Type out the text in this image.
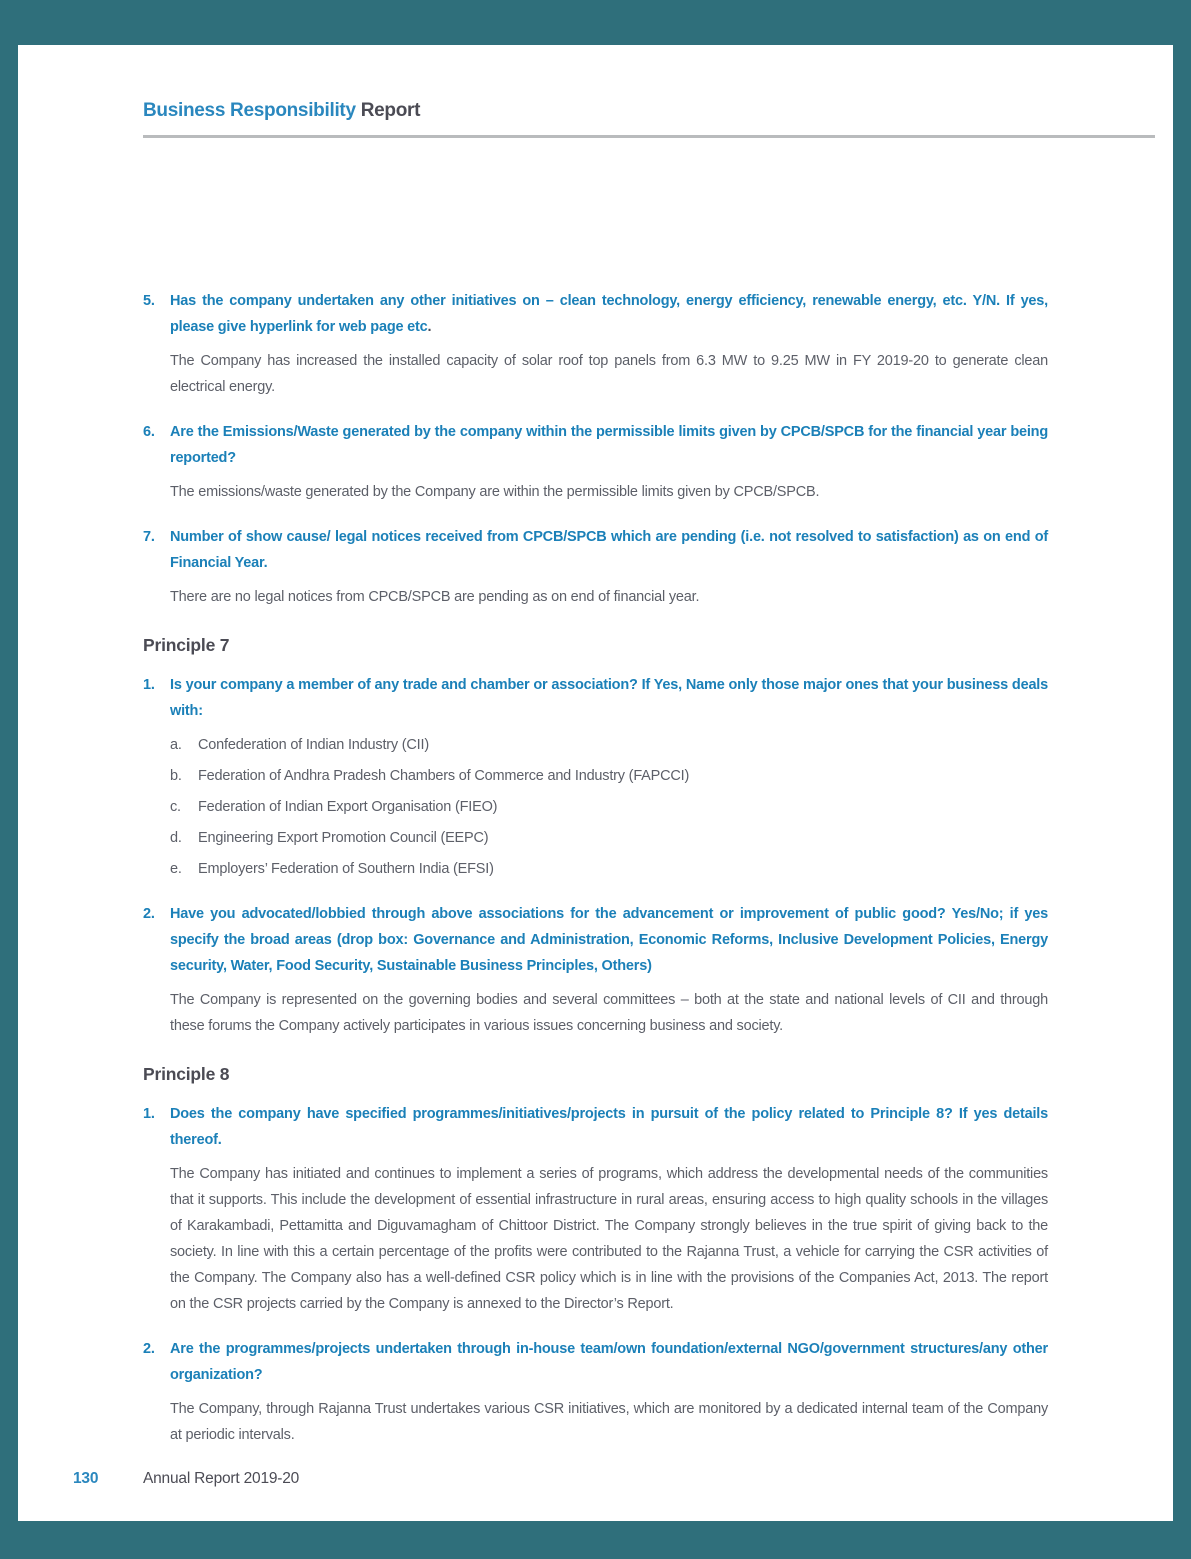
Business Responsibility Report
5.	Has the company undertaken any other initiatives on – clean technology, energy efficiency, renewable energy, etc. Y/N. If yes, please give hyperlink for web page etc.
The Company has increased the installed capacity of solar roof top panels from 6.3 MW to 9.25 MW in FY 2019-20 to generate clean electrical energy.
6.	Are the Emissions/Waste generated by the company within the permissible limits given by CPCB/SPCB for the financial year being reported?
The emissions/waste generated by the Company are within the permissible limits given by CPCB/SPCB.
7.	Number of show cause/ legal notices received from CPCB/SPCB which are pending (i.e. not resolved to satisfaction) as on end of Financial Year.
There are no legal notices from CPCB/SPCB are pending as on end of financial year.
Principle 7
1.	Is your company a member of any trade and chamber or association? If Yes, Name only those major ones that your business deals with:
a.	Confederation of Indian Industry (CII)
b.	Federation of Andhra Pradesh Chambers of Commerce and Industry (FAPCCI)
c.	Federation of Indian Export Organisation (FIEO)
d.	Engineering Export Promotion Council (EEPC)
e.	Employers’ Federation of Southern India (EFSI)
2.	Have you advocated/lobbied through above associations for the advancement or improvement of public good? Yes/No; if yes specify the broad areas (drop box: Governance and Administration, Economic Reforms, Inclusive Development Policies, Energy security, Water, Food Security, Sustainable Business Principles, Others)
The Company is represented on the governing bodies and several committees – both at the state and national levels of CII and through these forums the Company actively participates in various issues concerning business and society.
Principle 8
1.	Does the company have specified programmes/initiatives/projects in pursuit of the policy related to Principle 8? If yes details thereof.
The Company has initiated and continues to implement a series of programs, which address the developmental needs of the communities that it supports. This include the development of essential infrastructure in rural areas, ensuring access to high quality schools in the villages of Karakambadi, Pettamitta and Diguvamagham of Chittoor District. The Company strongly believes in the true spirit of giving back to the society. In line with this a certain percentage of the profits were contributed to the Rajanna Trust, a vehicle for carrying the CSR activities of the Company. The Company also has a well-defined CSR policy which is in line with the provisions of the Companies Act, 2013. The report on the CSR projects carried by the Company is annexed to the Director’s Report.
2.	Are the programmes/projects undertaken through in-house team/own foundation/external NGO/government structures/any other organization?
The Company, through Rajanna Trust undertakes various CSR initiatives, which are monitored by a dedicated internal team of the Company at periodic intervals.
130	Annual Report 2019-20
